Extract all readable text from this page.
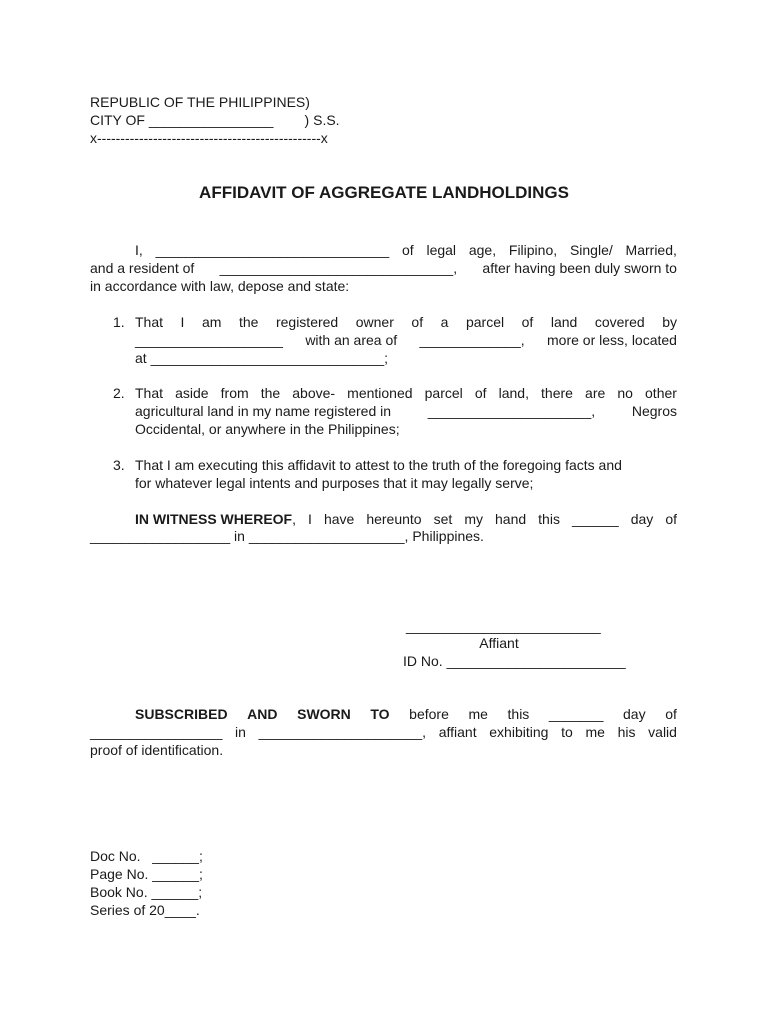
REPUBLIC OF THE PHILIPPINES)
CITY OF ________________        ) S.S.
x------------------------------------------------x
AFFIDAVIT OF AGGREGATE LANDHOLDINGS
I, ______________________________ of legal age, Filipino, Single/ Married,
and a resident of ______________________________, after having been duly sworn to
in accordance with law, depose and state:
1. That I am the registered owner of a parcel of land covered by
___________________ with an area of _____________, more or less, located
at ______________________________;
2. That aside from the above- mentioned parcel of land, there are no other
agricultural land in my name registered in	_____________________,	Negros
Occidental, or anywhere in the Philippines;
3. That I am executing this affidavit to attest to the truth of the foregoing facts and
for whatever legal intents and purposes that it may legally serve;
IN WITNESS WHEREOF, I have hereunto set my hand this ______ day of
__________________ in ____________________, Philippines.
_________________________
Affiant
ID No. _______________________
SUBSCRIBED AND SWORN TO before me this _______ day of
_________________ in _____________________, affiant exhibiting to me his valid
proof of identification.
Doc No.   ______;
Page No. ______;
Book No. ______;
Series of 20____.
